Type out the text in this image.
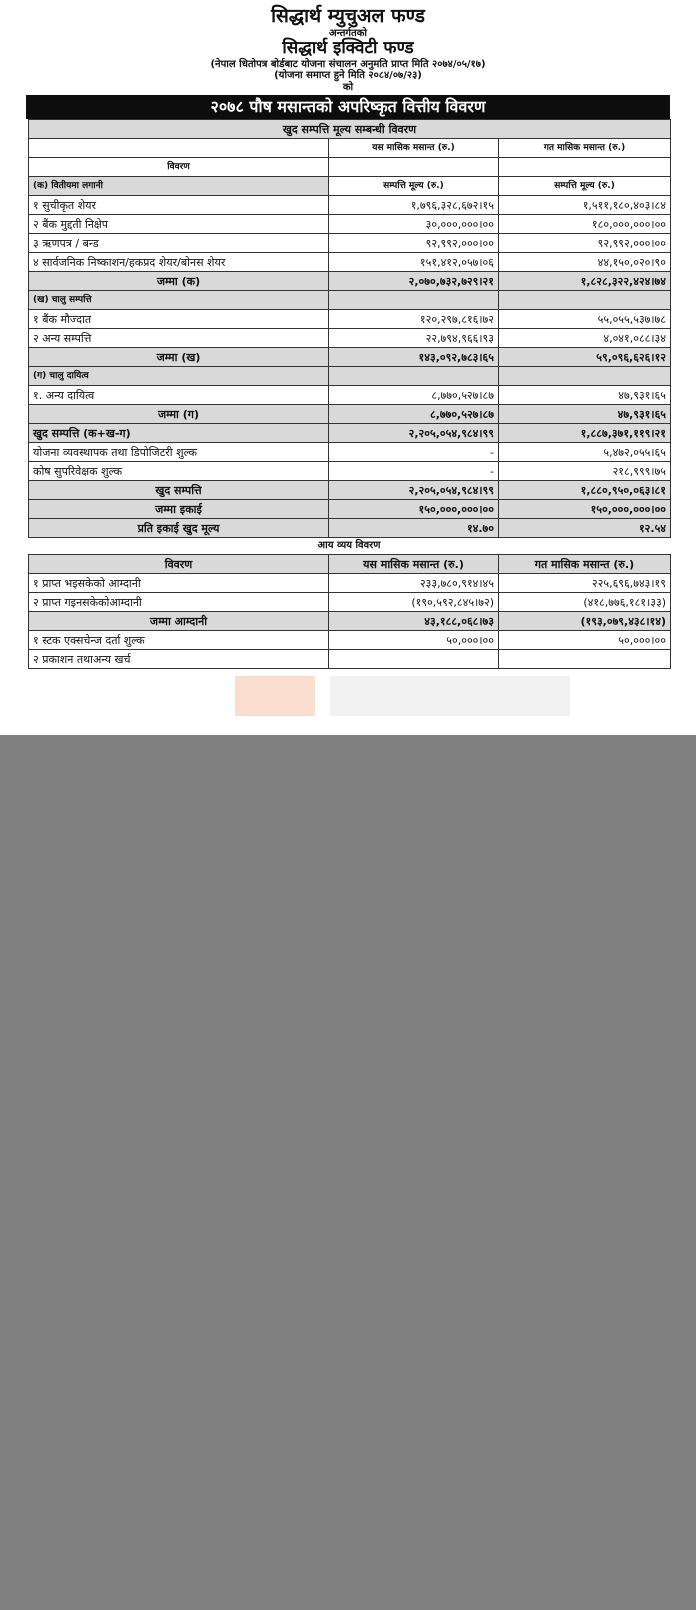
सिद्धार्थ म्युचुअल फण्ड
अन्तर्गतको
सिद्धार्थ इक्विटी फण्ड
(नेपाल धितोपत्र बोर्डबाट योजना संचालन अनुमति प्राप्त मिति २०७४/०५/१७)
(योजना समाप्त हुने मिति २०८४/०७/२३)
को
२०७८ पौष मसान्तको अपरिष्कृत वित्तीय विवरण
खुद सम्पत्ति मूल्य सम्बन्धी विवरण		
	यस मासिक मसान्त (रु.)	गत मासिक मसान्त (रु.)
विवरण		
(क) वितीयमा लगानी	सम्पत्ति मूल्य (रु.)	सम्पत्ति मूल्य (रु.)
१ सुचीकृत शेयर	१,७९६,३२८,६७२।१५	१,५११,१८०,४०३।८४
२ बैंक मुद्दती निक्षेप	३०,०००,०००।००	१८०,०००,०००।००
३ ऋणपत्र / बन्ड	९२,९९२,०००।००	९२,९९२,०००।००
४ सार्वजनिक निष्काशन/हकप्रद शेयर/बोनस शेयर	१५१,४१२,०५७।०६	४४,१५०,०२०।९०
जम्मा (क)	२,०७०,७३२,७२९।२१	१,८२८,३२२,४२४।७४
(ख) चालु सम्पत्ति		
१ बैंक मौज्दात	१२०,२९७,८१६।७२	५५,०५५,५३७।७८
२ अन्य सम्पत्ति	२२,७९४,९६६।९३	४,०४१,०८८।३४
जम्मा (ख)	१४३,०९२,७८३।६५	५९,०९६,६२६।१२
(ग) चालु दायित्व		
१. अन्य दायित्व	८,७७०,५२७।८७	४७,९३१।६५
जम्मा (ग)	८,७७०,५२७।८७	४७,९३१।६५
खुद सम्पत्ति (क+ख-ग)	२,२०५,०५४,९८४।९९	१,८८७,३७१,११९।२१
योजना व्यवस्थापक तथा डिपोजिटरी शुल्क	-	५,४७२,०५५।६५
कोष सुपरिवेक्षक शुल्क	-	२१८,९९९।७५
खुद सम्पत्ति	२,२०५,०५४,९८४।९९	१,८८०,९५०,०६३।८१
जम्मा इकाई	१५०,०००,०००।००	१५०,०००,०००।००
प्रति इकाई खुद मूल्य	१४.७०	१२.५४
आय व्यय विवरण
विवरण	यस मासिक मसान्त (रु.)	गत मासिक मसान्त (रु.)
१ प्राप्त भइसकेको आम्दानी	२३३,७८०,९१४।४५	२२५,६९६,७४३।१९
२ प्राप्त गइनसकेकोआम्दानी	(१९०,५९२,८४५।७२)	(४१८,७७६,१८१।३३)
जम्मा आम्दानी	४३,१८८,०६८।७३	(१९३,०७९,४३८।१४)
१ स्टक एक्सचेन्ज दर्ता शुल्क	५०,०००।००	५०,०००।००
२ प्रकाशन तथाअन्य खर्च		
